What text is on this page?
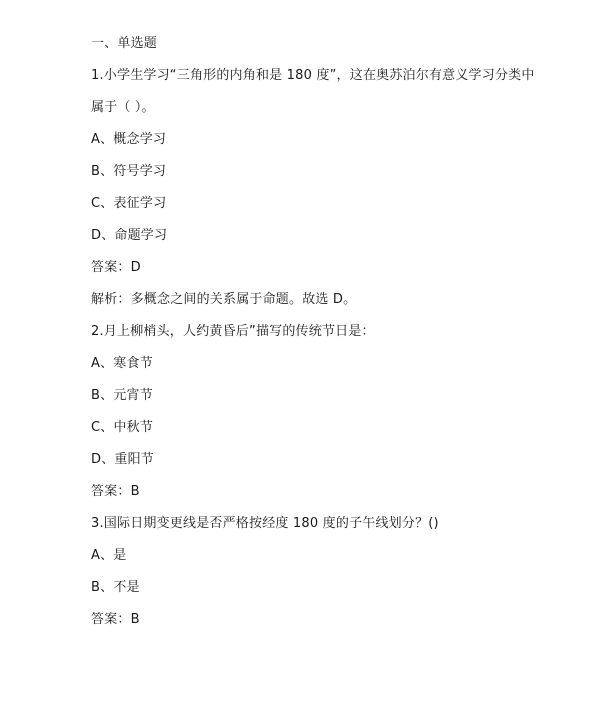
一、单选题
1.小学生学习“三角形的内角和是 180 度”，这在奥苏泊尔有意义学习分类中
属于（ ）。
A、概念学习
B、符号学习
C、表征学习
D、命题学习
答案：D
解析：多概念之间的关系属于命题。故选 D。
2.月上柳梢头，人约黄昏后”描写的传统节日是：
A、寒食节
B、元宵节
C、中秋节
D、重阳节
答案：B
3.国际日期变更线是否严格按经度 180 度的子午线划分？()
A、是
B、不是
答案：B
